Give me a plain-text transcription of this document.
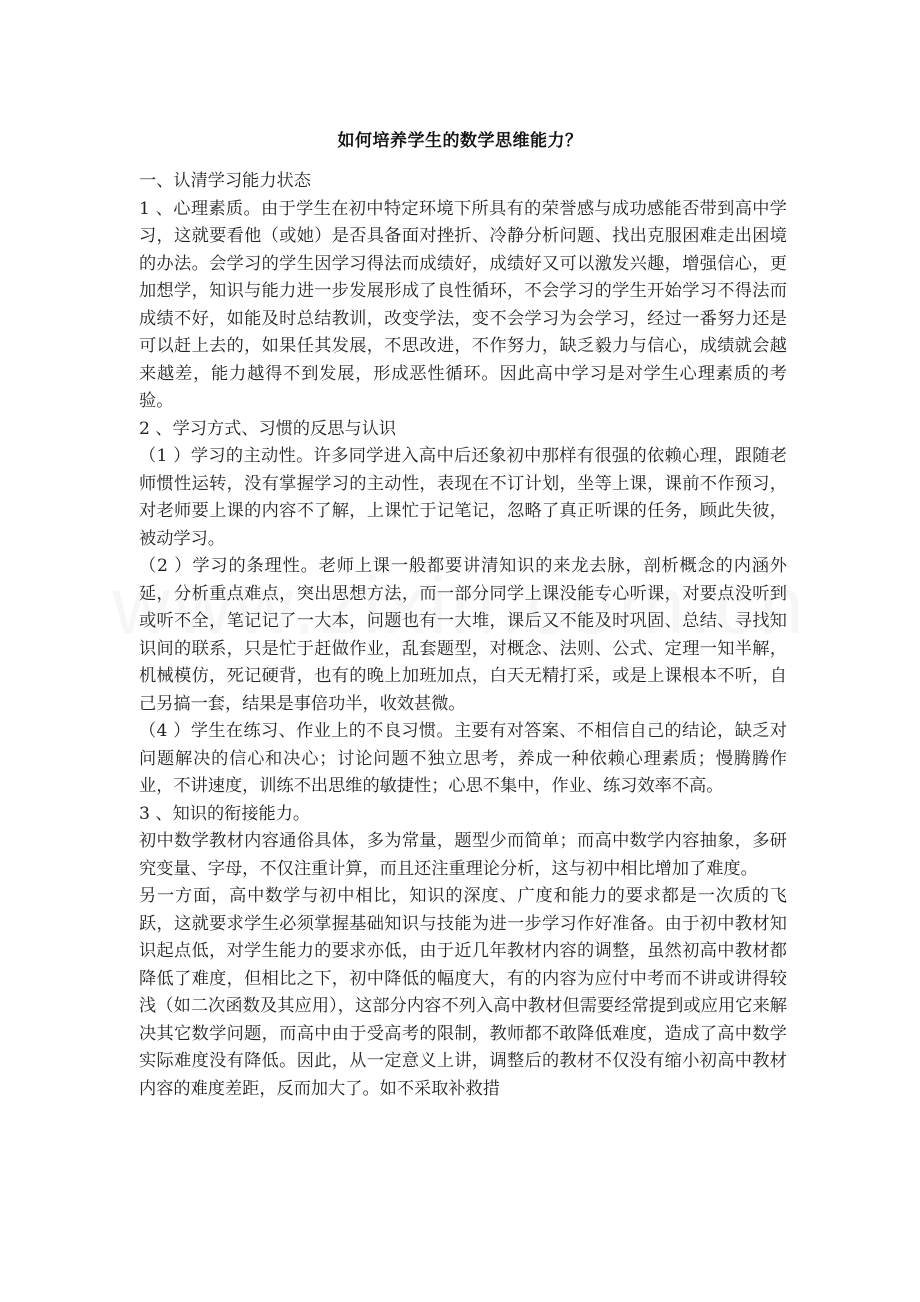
如何培养学生的数学思维能力？

一、认清学习能力状态

1 、心理素质。由于学生在初中特定环境下所具有的荣誉感与成功感能否带到高中学习，这就要看他（或她）是否具备面对挫折、冷静分析问题、找出克服困难走出困境的办法。会学习的学生因学习得法而成绩好，成绩好又可以激发兴趣，增强信心，更加想学，知识与能力进一步发展形成了良性循环，不会学习的学生开始学习不得法而成绩不好，如能及时总结教训，改变学法，变不会学习为会学习，经过一番努力还是可以赶上去的，如果任其发展，不思改进，不作努力，缺乏毅力与信心，成绩就会越来越差，能力越得不到发展，形成恶性循环。因此高中学习是对学生心理素质的考验。

2 、学习方式、习惯的反思与认识

（1 ）学习的主动性。许多同学进入高中后还象初中那样有很强的依赖心理，跟随老师惯性运转，没有掌握学习的主动性，表现在不订计划，坐等上课，课前不作预习，对老师要上课的内容不了解，上课忙于记笔记，忽略了真正听课的任务，顾此失彼，被动学习。

（2 ）学习的条理性。老师上课一般都要讲清知识的来龙去脉，剖析概念的内涵外延，分析重点难点，突出思想方法，而一部分同学上课没能专心听课，对要点没听到或听不全，笔记记了一大本，问题也有一大堆，课后又不能及时巩固、总结、寻找知识间的联系，只是忙于赶做作业，乱套题型，对概念、法则、公式、定理一知半解，机械模仿，死记硬背，也有的晚上加班加点，白天无精打采，或是上课根本不听，自己另搞一套，结果是事倍功半，收效甚微。

（4 ）学生在练习、作业上的不良习惯。主要有对答案、不相信自己的结论，缺乏对问题解决的信心和决心；讨论问题不独立思考，养成一种依赖心理素质；慢腾腾作业，不讲速度，训练不出思维的敏捷性；心思不集中，作业、练习效率不高。

3 、知识的衔接能力。

初中数学教材内容通俗具体，多为常量，题型少而简单；而高中数学内容抽象，多研究变量、字母，不仅注重计算，而且还注重理论分析，这与初中相比增加了难度。

另一方面，高中数学与初中相比，知识的深度、广度和能力的要求都是一次质的飞跃，这就要求学生必须掌握基础知识与技能为进一步学习作好准备。由于初中教材知识起点低，对学生能力的要求亦低，由于近几年教材内容的调整，虽然初高中教材都降低了难度，但相比之下，初中降低的幅度大，有的内容为应付中考而不讲或讲得较浅（如二次函数及其应用），这部分内容不列入高中教材但需要经常提到或应用它来解决其它数学问题，而高中由于受高考的限制，教师都不敢降低难度，造成了高中数学实际难度没有降低。因此，从一定意义上讲，调整后的教材不仅没有缩小初高中教材内容的难度差距，反而加大了。如不采取补救措
